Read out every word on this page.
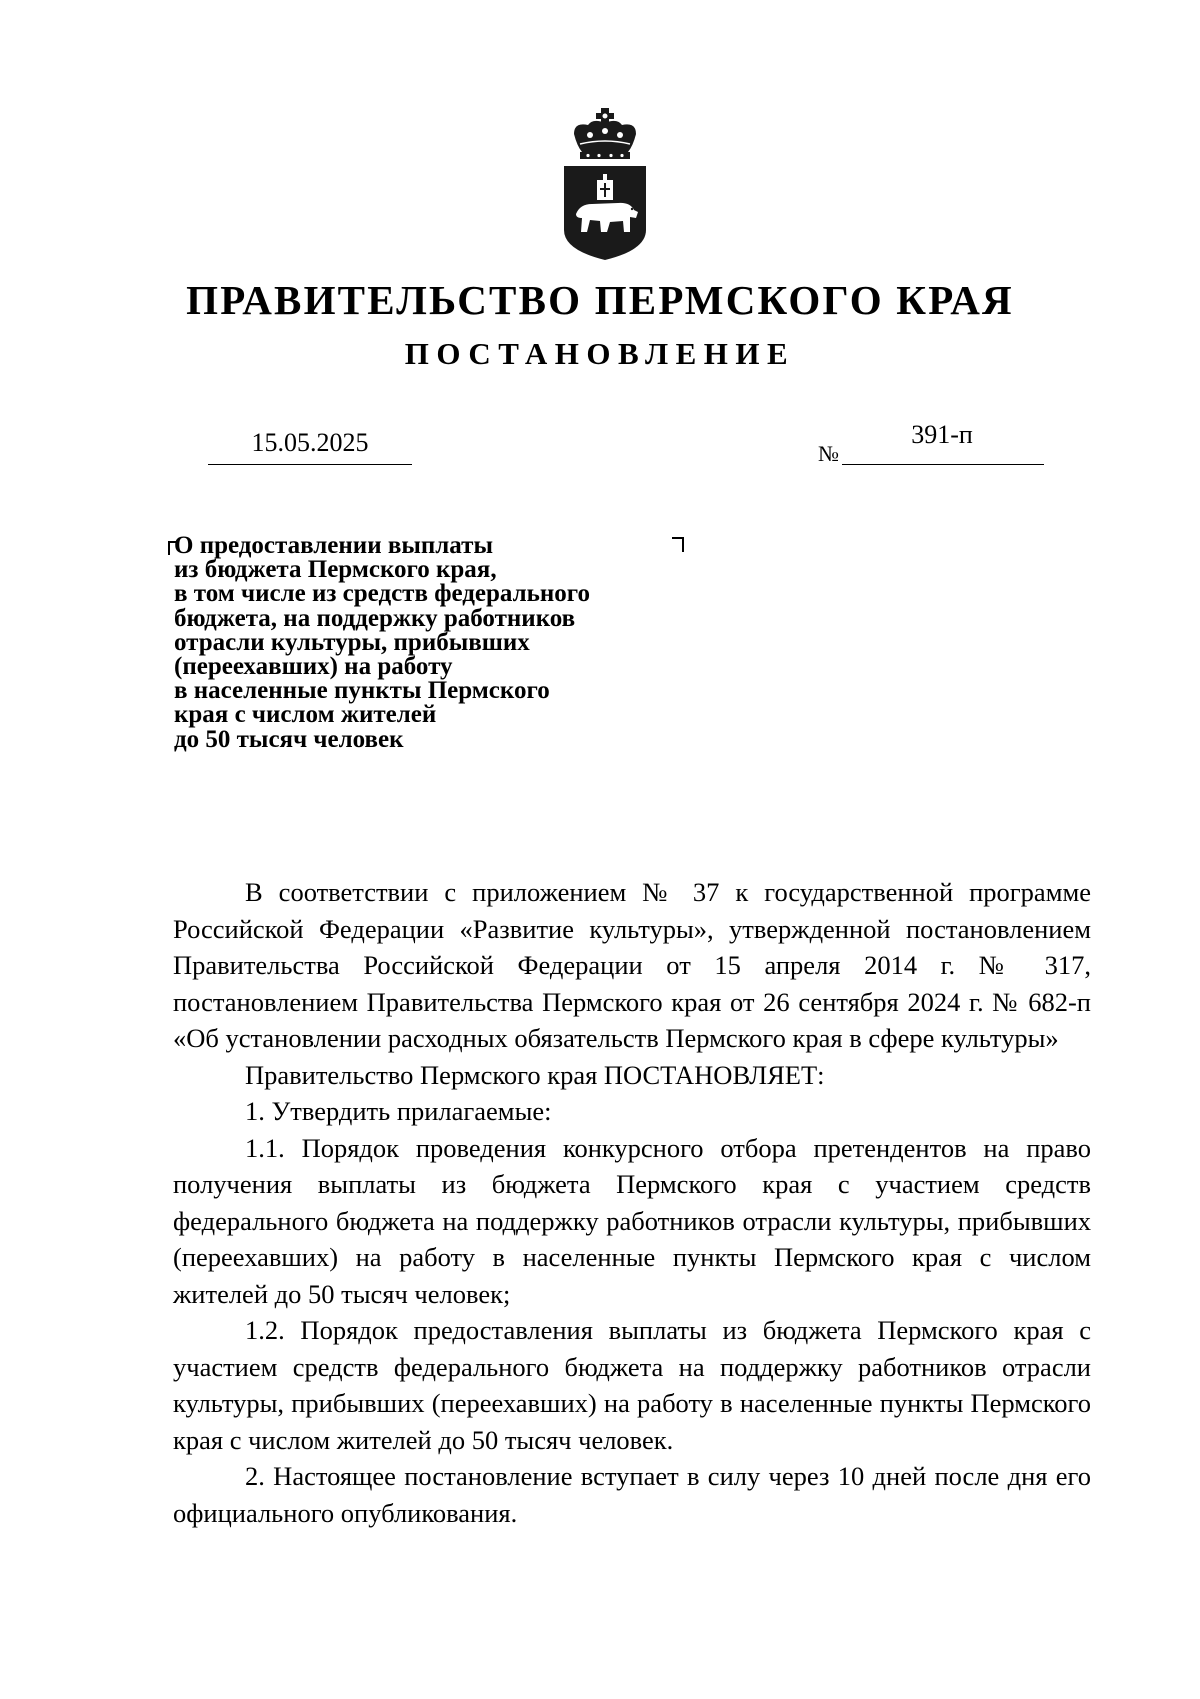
ПРАВИТЕЛЬСТВО ПЕРМСКОГО КРАЯ
ПОСТАНОВЛЕНИЕ
15.05.2025	№
391-п
О предоставлении выплаты
из бюджета Пермского края,
в том числе из средств федерального
бюджета, на поддержку работников
отрасли культуры, прибывших
(переехавших) на работу
в населенные пункты Пермского
края с числом жителей
до 50 тысяч человек

В соответствии с приложением № 37 к государственной программе Российской Федерации «Развитие культуры», утвержденной постановлением Правительства Российской Федерации от 15 апреля 2014 г. № 317, постановлением Правительства Пермского края от 26 сентября 2024 г. № 682-п «Об установлении расходных обязательств Пермского края в сфере культуры»

Правительство Пермского края ПОСТАНОВЛЯЕТ:

1. Утвердить прилагаемые:

1.1. Порядок проведения конкурсного отбора претендентов на право получения выплаты из бюджета Пермского края с участием средств федерального бюджета на поддержку работников отрасли культуры, прибывших (переехавших) на работу в населенные пункты Пермского края с числом жителей до 50 тысяч человек;

1.2. Порядок предоставления выплаты из бюджета Пермского края с участием средств федерального бюджета на поддержку работников отрасли культуры, прибывших (переехавших) на работу в населенные пункты Пермского края с числом жителей до 50 тысяч человек.

2. Настоящее постановление вступает в силу через 10 дней после дня его официального опубликования.
